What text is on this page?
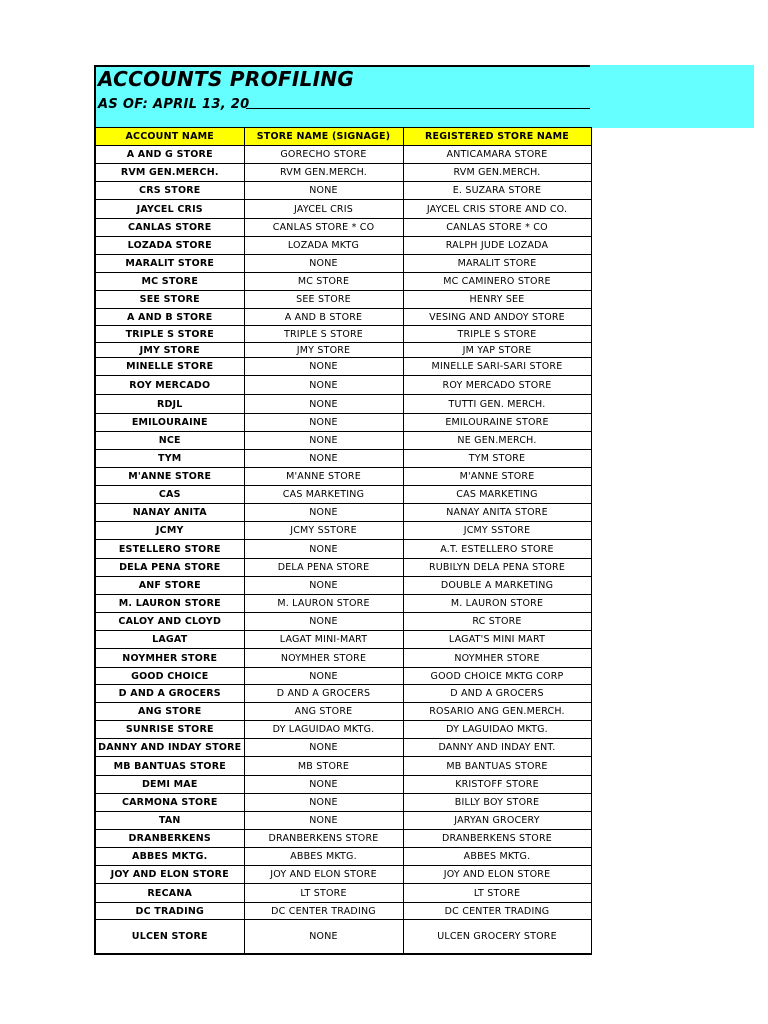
ACCOUNTS PROFILING
AS OF: APRIL 13, 20
ACCOUNT NAME	STORE NAME (SIGNAGE)	REGISTERED STORE NAME
A AND G STORE	GORECHO STORE	ANTICAMARA STORE
RVM GEN.MERCH.	RVM GEN.MERCH.	RVM GEN.MERCH.
CRS STORE	NONE	E. SUZARA STORE
JAYCEL CRIS	JAYCEL CRIS	JAYCEL CRIS STORE AND CO.
CANLAS STORE	CANLAS STORE * CO	CANLAS STORE * CO
LOZADA STORE	LOZADA MKTG	RALPH JUDE LOZADA
MARALIT STORE	NONE	MARALIT STORE
MC STORE	MC STORE	MC CAMINERO STORE
SEE STORE	SEE STORE	HENRY SEE
A AND B STORE	A AND B STORE	VESING AND ANDOY STORE
TRIPLE S STORE	TRIPLE S STORE	TRIPLE S STORE
JMY STORE	JMY STORE	JM YAP STORE
MINELLE STORE	NONE	MINELLE SARI-SARI STORE
ROY MERCADO	NONE	ROY MERCADO STORE
RDJL	NONE	TUTTI GEN. MERCH.
EMILOURAINE	NONE	EMILOURAINE STORE
NCE	NONE	NE GEN.MERCH.
TYM	NONE	TYM STORE
M'ANNE STORE	M'ANNE STORE	M'ANNE STORE
CAS	CAS MARKETING	CAS MARKETING
NANAY ANITA	NONE	NANAY ANITA STORE
JCMY	JCMY SSTORE	JCMY SSTORE
ESTELLERO STORE	NONE	A.T. ESTELLERO STORE
DELA PENA STORE	DELA PENA STORE	RUBILYN DELA PENA STORE
ANF STORE	NONE	DOUBLE A MARKETING
M. LAURON STORE	M. LAURON STORE	M. LAURON STORE
CALOY AND CLOYD	NONE	RC STORE
LAGAT	LAGAT MINI-MART	LAGAT'S MINI MART
NOYMHER STORE	NOYMHER STORE	NOYMHER STORE
GOOD CHOICE	NONE	GOOD CHOICE MKTG CORP
D AND A GROCERS	D AND A GROCERS	D AND A GROCERS
ANG STORE	ANG STORE	ROSARIO ANG GEN.MERCH.
SUNRISE STORE	DY LAGUIDAO MKTG.	DY LAGUIDAO MKTG.
DANNY AND INDAY STORE	NONE	DANNY AND INDAY ENT.
MB BANTUAS STORE	MB STORE	MB BANTUAS STORE
DEMI MAE	NONE	KRISTOFF STORE
CARMONA STORE	NONE	BILLY BOY STORE
TAN	NONE	JARYAN GROCERY
DRANBERKENS	DRANBERKENS STORE	DRANBERKENS STORE
ABBES MKTG.	ABBES MKTG.	ABBES MKTG.
JOY AND ELON STORE	JOY AND ELON STORE	JOY AND ELON STORE
RECANA	LT STORE	LT STORE
DC TRADING	DC CENTER TRADING	DC CENTER TRADING
ULCEN STORE	NONE	ULCEN GROCERY STORE
